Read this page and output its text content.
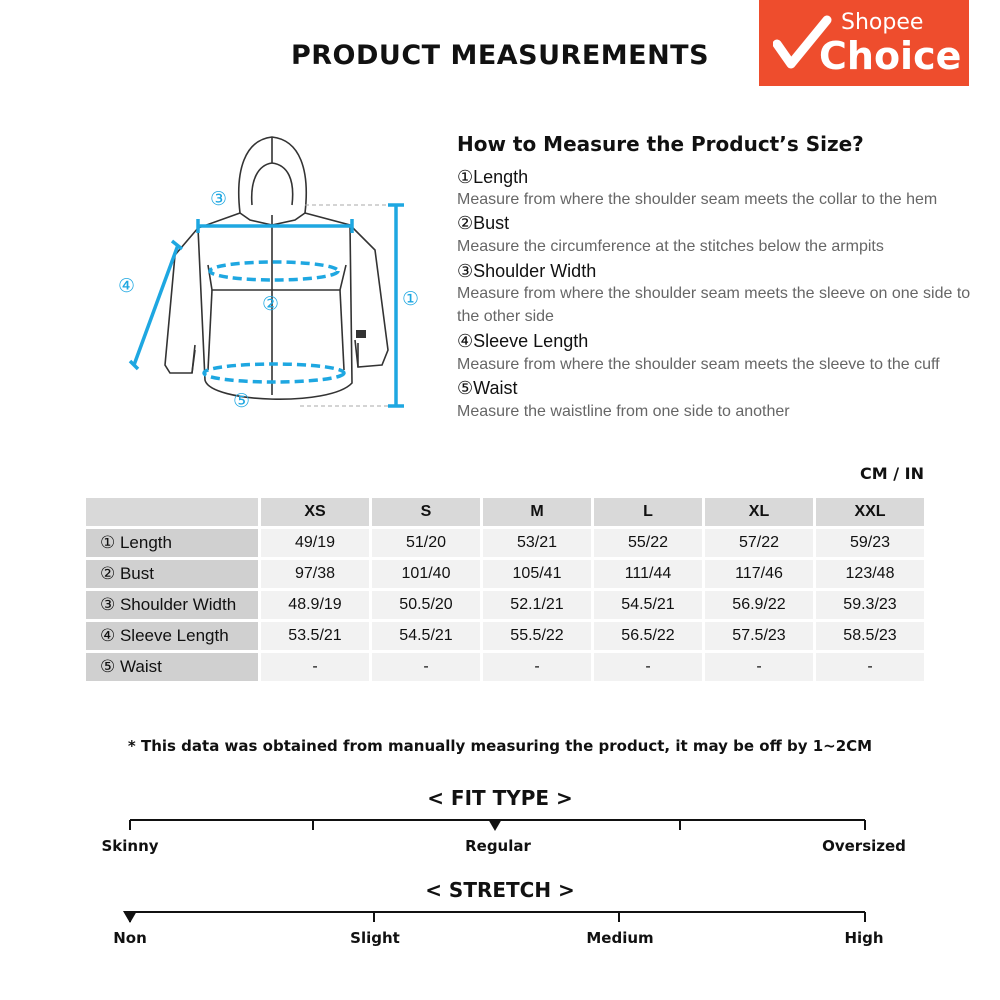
PRODUCT MEASUREMENTS
Shopee
Choice
①
②
③
④
⑤
How to Measure the Product’s Size?
①Length
Measure from where the shoulder seam meets the collar to the hem
②Bust
Measure the circumference at the stitches below the armpits
③Shoulder Width
Measure from where the shoulder seam meets the sleeve on one side to the other side
④Sleeve Length
Measure from where the shoulder seam meets the sleeve to the cuff
⑤Waist
Measure the waistline from one side to another
CM / IN
	XS	S	M	L	XL	XXL
① Length	49/19	51/20	53/21	55/22	57/22	59/23
② Bust	97/38	101/40	105/41	111/44	117/46	123/48
③ Shoulder Width	48.9/19	50.5/20	52.1/21	54.5/21	56.9/22	59.3/23
④ Sleeve Length	53.5/21	54.5/21	55.5/22	56.5/22	57.5/23	58.5/23
⑤ Waist	-	-	-	-	-	-
* This data was obtained from manually measuring the product, it may be off by 1~2CM
< FIT TYPE >
Skinny	Regular	Oversized
< STRETCH >
Non	Slight	Medium	High
